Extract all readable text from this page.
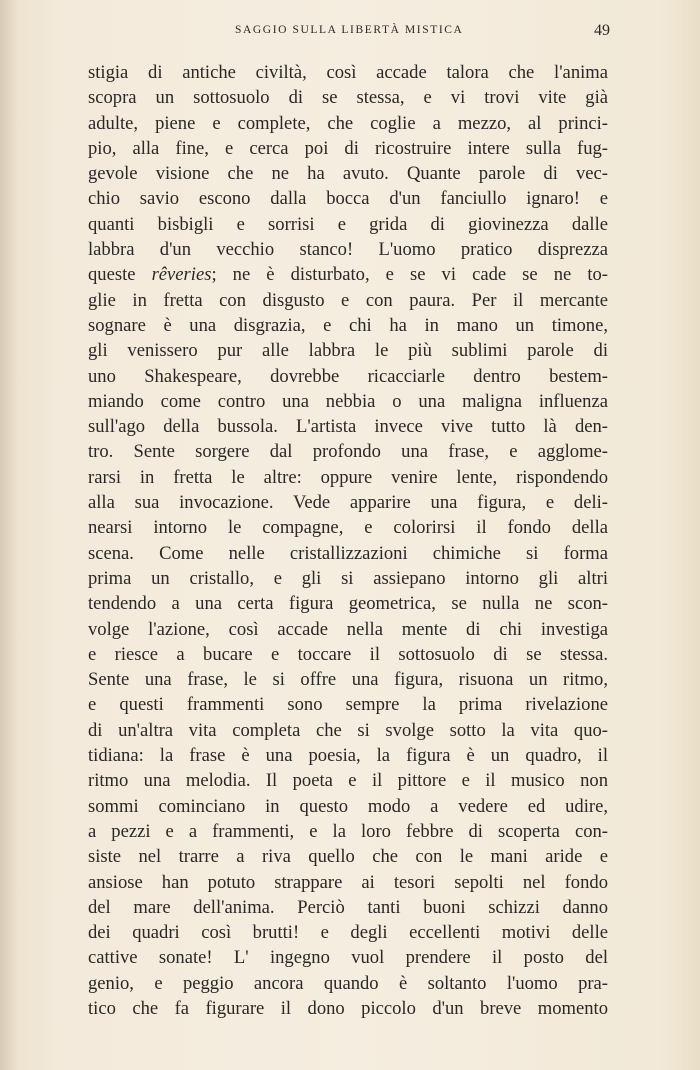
SAGGIO SULLA LIBERTÀ MISTICA	49
stigia di antiche civiltà, così accade talora che l'anima
scopra un sottosuolo di se stessa, e vi trovi vite già
adulte, piene e complete, che coglie a mezzo, al princi-
pio, alla fine, e cerca poi di ricostruire intere sulla fug-
gevole visione che ne ha avuto. Quante parole di vec-
chio savio escono dalla bocca d'un fanciullo ignaro! e
quanti bisbigli e sorrisi e grida di giovinezza dalle
labbra d'un vecchio stanco! L'uomo pratico disprezza
queste rêveries; ne è disturbato, e se vi cade se ne to-
glie in fretta con disgusto e con paura. Per il mercante
sognare è una disgrazia, e chi ha in mano un timone,
gli venissero pur alle labbra le più sublimi parole di
uno Shakespeare, dovrebbe ricacciarle dentro bestem-
miando come contro una nebbia o una maligna influenza
sull'ago della bussola. L'artista invece vive tutto là den-
tro. Sente sorgere dal profondo una frase, e agglome-
rarsi in fretta le altre: oppure venire lente, rispondendo
alla sua invocazione. Vede apparire una figura, e deli-
nearsi intorno le compagne, e colorirsi il fondo della
scena. Come nelle cristallizzazioni chimiche si forma
prima un cristallo, e gli si assiepano intorno gli altri
tendendo a una certa figura geometrica, se nulla ne scon-
volge l'azione, così accade nella mente di chi investiga
e riesce a bucare e toccare il sottosuolo di se stessa.
Sente una frase, le si offre una figura, risuona un ritmo,
e questi frammenti sono sempre la prima rivelazione
di un'altra vita completa che si svolge sotto la vita quo-
tidiana: la frase è una poesia, la figura è un quadro, il
ritmo una melodia. Il poeta e il pittore e il musico non
sommi cominciano in questo modo a vedere ed udire,
a pezzi e a frammenti, e la loro febbre di scoperta con-
siste nel trarre a riva quello che con le mani aride e
ansiose han potuto strappare ai tesori sepolti nel fondo
del mare dell'anima. Perciò tanti buoni schizzi danno
dei quadri così brutti! e degli eccellenti motivi delle
cattive sonate! L' ingegno vuol prendere il posto del
genio, e peggio ancora quando è soltanto l'uomo pra-
tico che fa figurare il dono piccolo d'un breve momento
